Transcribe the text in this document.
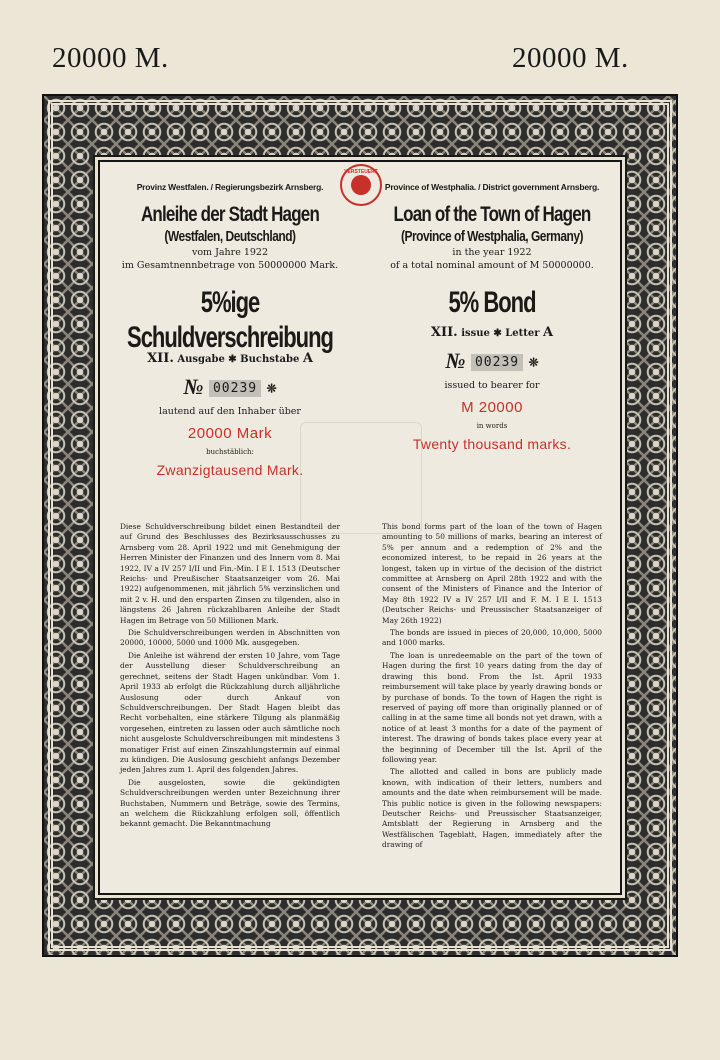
20000 M.	20000 M.
VERSTEUERT
Provinz Westfalen. / Regierungsbezirk Arnsberg.
Anleihe der Stadt Hagen
(Westfalen, Deutschland)
vom Jahre 1922
im Gesamtnennbetrage von 50000000 Mark.
5%ige Schuldverschreibung
XII. Ausgabe ✱ Buchstabe A
№ 00239 ❊
lautend auf den Inhaber über
20000 Mark
buchstäblich:
Zwanzigtausend Mark.
Province of Westphalia. / District government Arnsberg.
Loan of the Town of Hagen
(Province of Westphalia, Germany)
in the year 1922
of a total nominal amount of M 50000000.
5% Bond
XII. issue ✱ Letter A
№ 00239 ❊
issued to bearer for
M 20000
in words
Twenty thousand marks.

Diese Schuldverschreibung bildet einen Bestandteil der auf Grund des Beschlusses des Bezirksausschusses zu Arnsberg vom 28. April 1922 und mit Genehmigung der Herren Minister der Finanzen und des Innern vom 8. Mai 1922, IV a IV 257 I/II und Fin.-Min. I E I. 1513 (Deutscher Reichs- und Preußischer Staatsanzeiger vom 26. Mai 1922) aufgenommenen, mit jährlich 5% verzinslichen und mit 2 v. H. und den ersparten Zinsen zu tilgenden, also in längstens 26 Jahren rückzahlbaren Anleihe der Stadt Hagen im Betrage von 50 Millionen Mark.

Die Schuldverschreibungen werden in Abschnitten von 20000, 10000, 5000 und 1000 Mk. ausgegeben.

Die Anleihe ist während der ersten 10 Jahre, vom Tage der Ausstellung dieser Schuldverschreibung an gerechnet, seitens der Stadt Hagen unkündbar. Vom 1. April 1933 ab erfolgt die Rückzahlung durch alljährliche Auslosung oder durch Ankauf von Schuldverschreibungen. Der Stadt Hagen bleibt das Recht vorbehalten, eine stärkere Tilgung als planmäßig vorgesehen, eintreten zu lassen oder auch sämtliche noch nicht ausgeloste Schuldverschreibungen mit mindestens 3 monatiger Frist auf einen Zinszahlungstermin auf einmal zu kündigen. Die Auslosung geschieht anfangs Dezember jeden Jahres zum 1. April des folgenden Jahres.

Die ausgelosten, sowie die gekündigten Schuldverschreibungen werden unter Bezeichnung ihrer Buchstaben, Nummern und Beträge, sowie des Termins, an welchem die Rückzahlung erfolgen soll, öffentlich bekannt gemacht. Die Bekanntmachung

This bond forms part of the loan of the town of Hagen amounting to 50 millions of marks, bearing an interest of 5% per annum and a redemption of 2% and the economized interest, to be repaid in 26 years at the longest, taken up in virtue of the decision of the district committee at Arnsberg on April 28th 1922 and with the consent of the Ministers of Finance and the Interior of May 8th 1922 IV a IV 257 I/II and F. M. I E I. 1513 (Deutscher Reichs- und Preussischer Staatsanzeiger of May 26th 1922)

The bonds are issued in pieces of 20,000, 10,000, 5000 and 1000 marks.

The loan is unredeemable on the part of the town of Hagen during the first 10 years dating from the day of drawing this bond. From the Ist. April 1933 reimbursement will take place by yearly drawing bonds or by purchase of bonds. To the town of Hagen the right is reserved of paying off more than originally planned or of calling in at the same time all bonds not yet drawn, with a notice of at least 3 months for a date of the payment of interest. The drawing of bonds takes place every year at the beginning of December till the Ist. April of the following year.

The allotted and called in bons are publicly made known, with indication of their letters, numbers and amounts and the date when reimbursement will be made. This public notice is given in the following newspapers: Deutscher Reichs- und Preussischer Staatsanzeiger, Amtsblatt der Regierung in Arnsberg and the Westfälischen Tageblatt, Hagen, immediately after the drawing of
